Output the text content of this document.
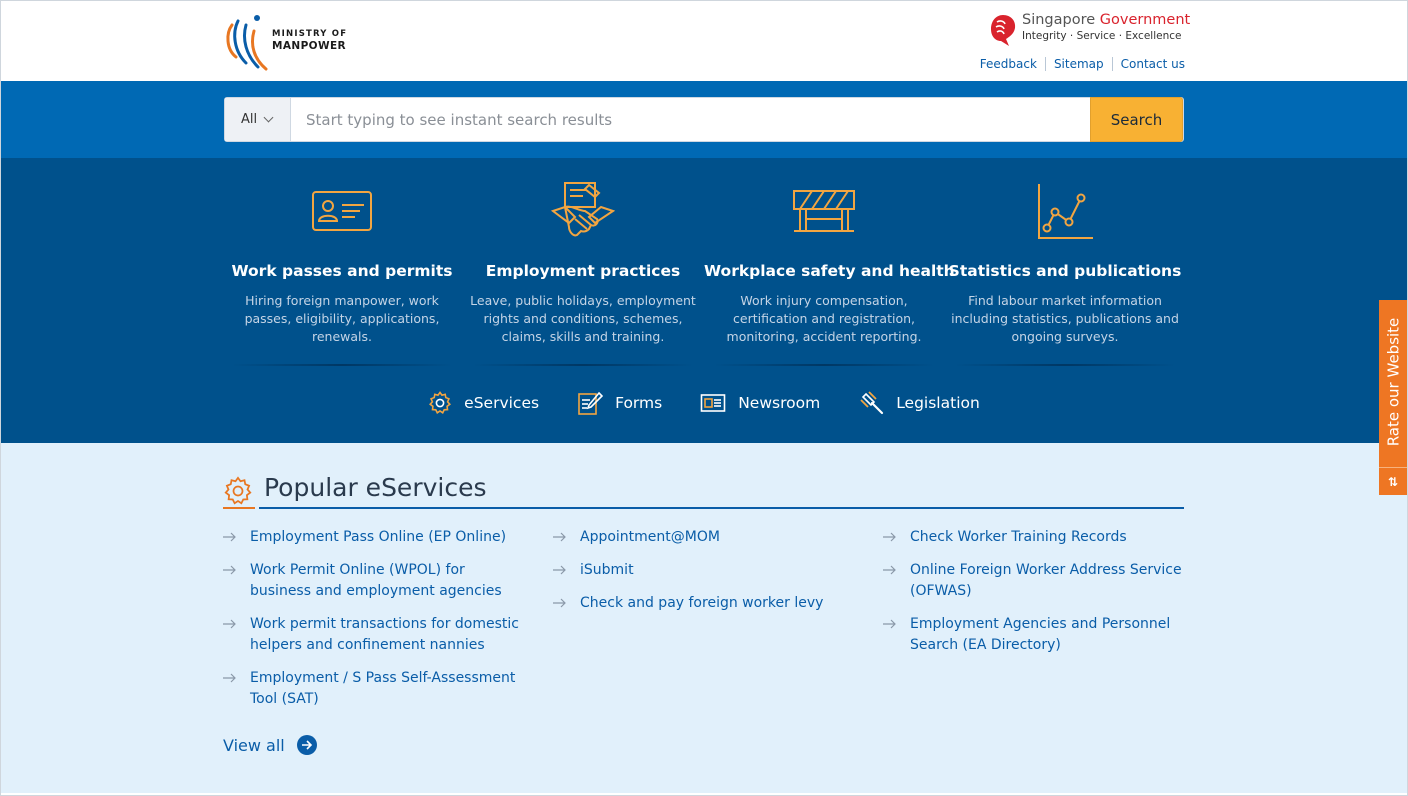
MINISTRY OF
MANPOWER
Singapore Government
Integrity · Service · Excellence
Feedback	Sitemap	Contact us
All
Start typing to see instant search results	Search
Work passes and permits
Hiring foreign manpower, work passes, eligibility, applications, renewals.
Employment practices
Leave, public holidays, employment rights and conditions, schemes, claims, skills and training.
Workplace safety and health
Work injury compensation, certification and registration, monitoring, accident reporting.
Statistics and publications
Find labour market information including statistics, publications and ongoing surveys.
eServices	Forms	Newsroom	Legislation
Popular eServices
Employment Pass Online (EP Online)
Work Permit Online (WPOL) for business and employment agencies
Work permit transactions for domestic helpers and confinement nannies
Employment / S Pass Self-Assessment Tool (SAT)
Appointment@MOM
iSubmit
Check and pay foreign worker levy
Check Worker Training Records
Online Foreign Worker Address Service (OFWAS)
Employment Agencies and Personnel Search (EA Directory)
View all
Rate our Website
⇅
